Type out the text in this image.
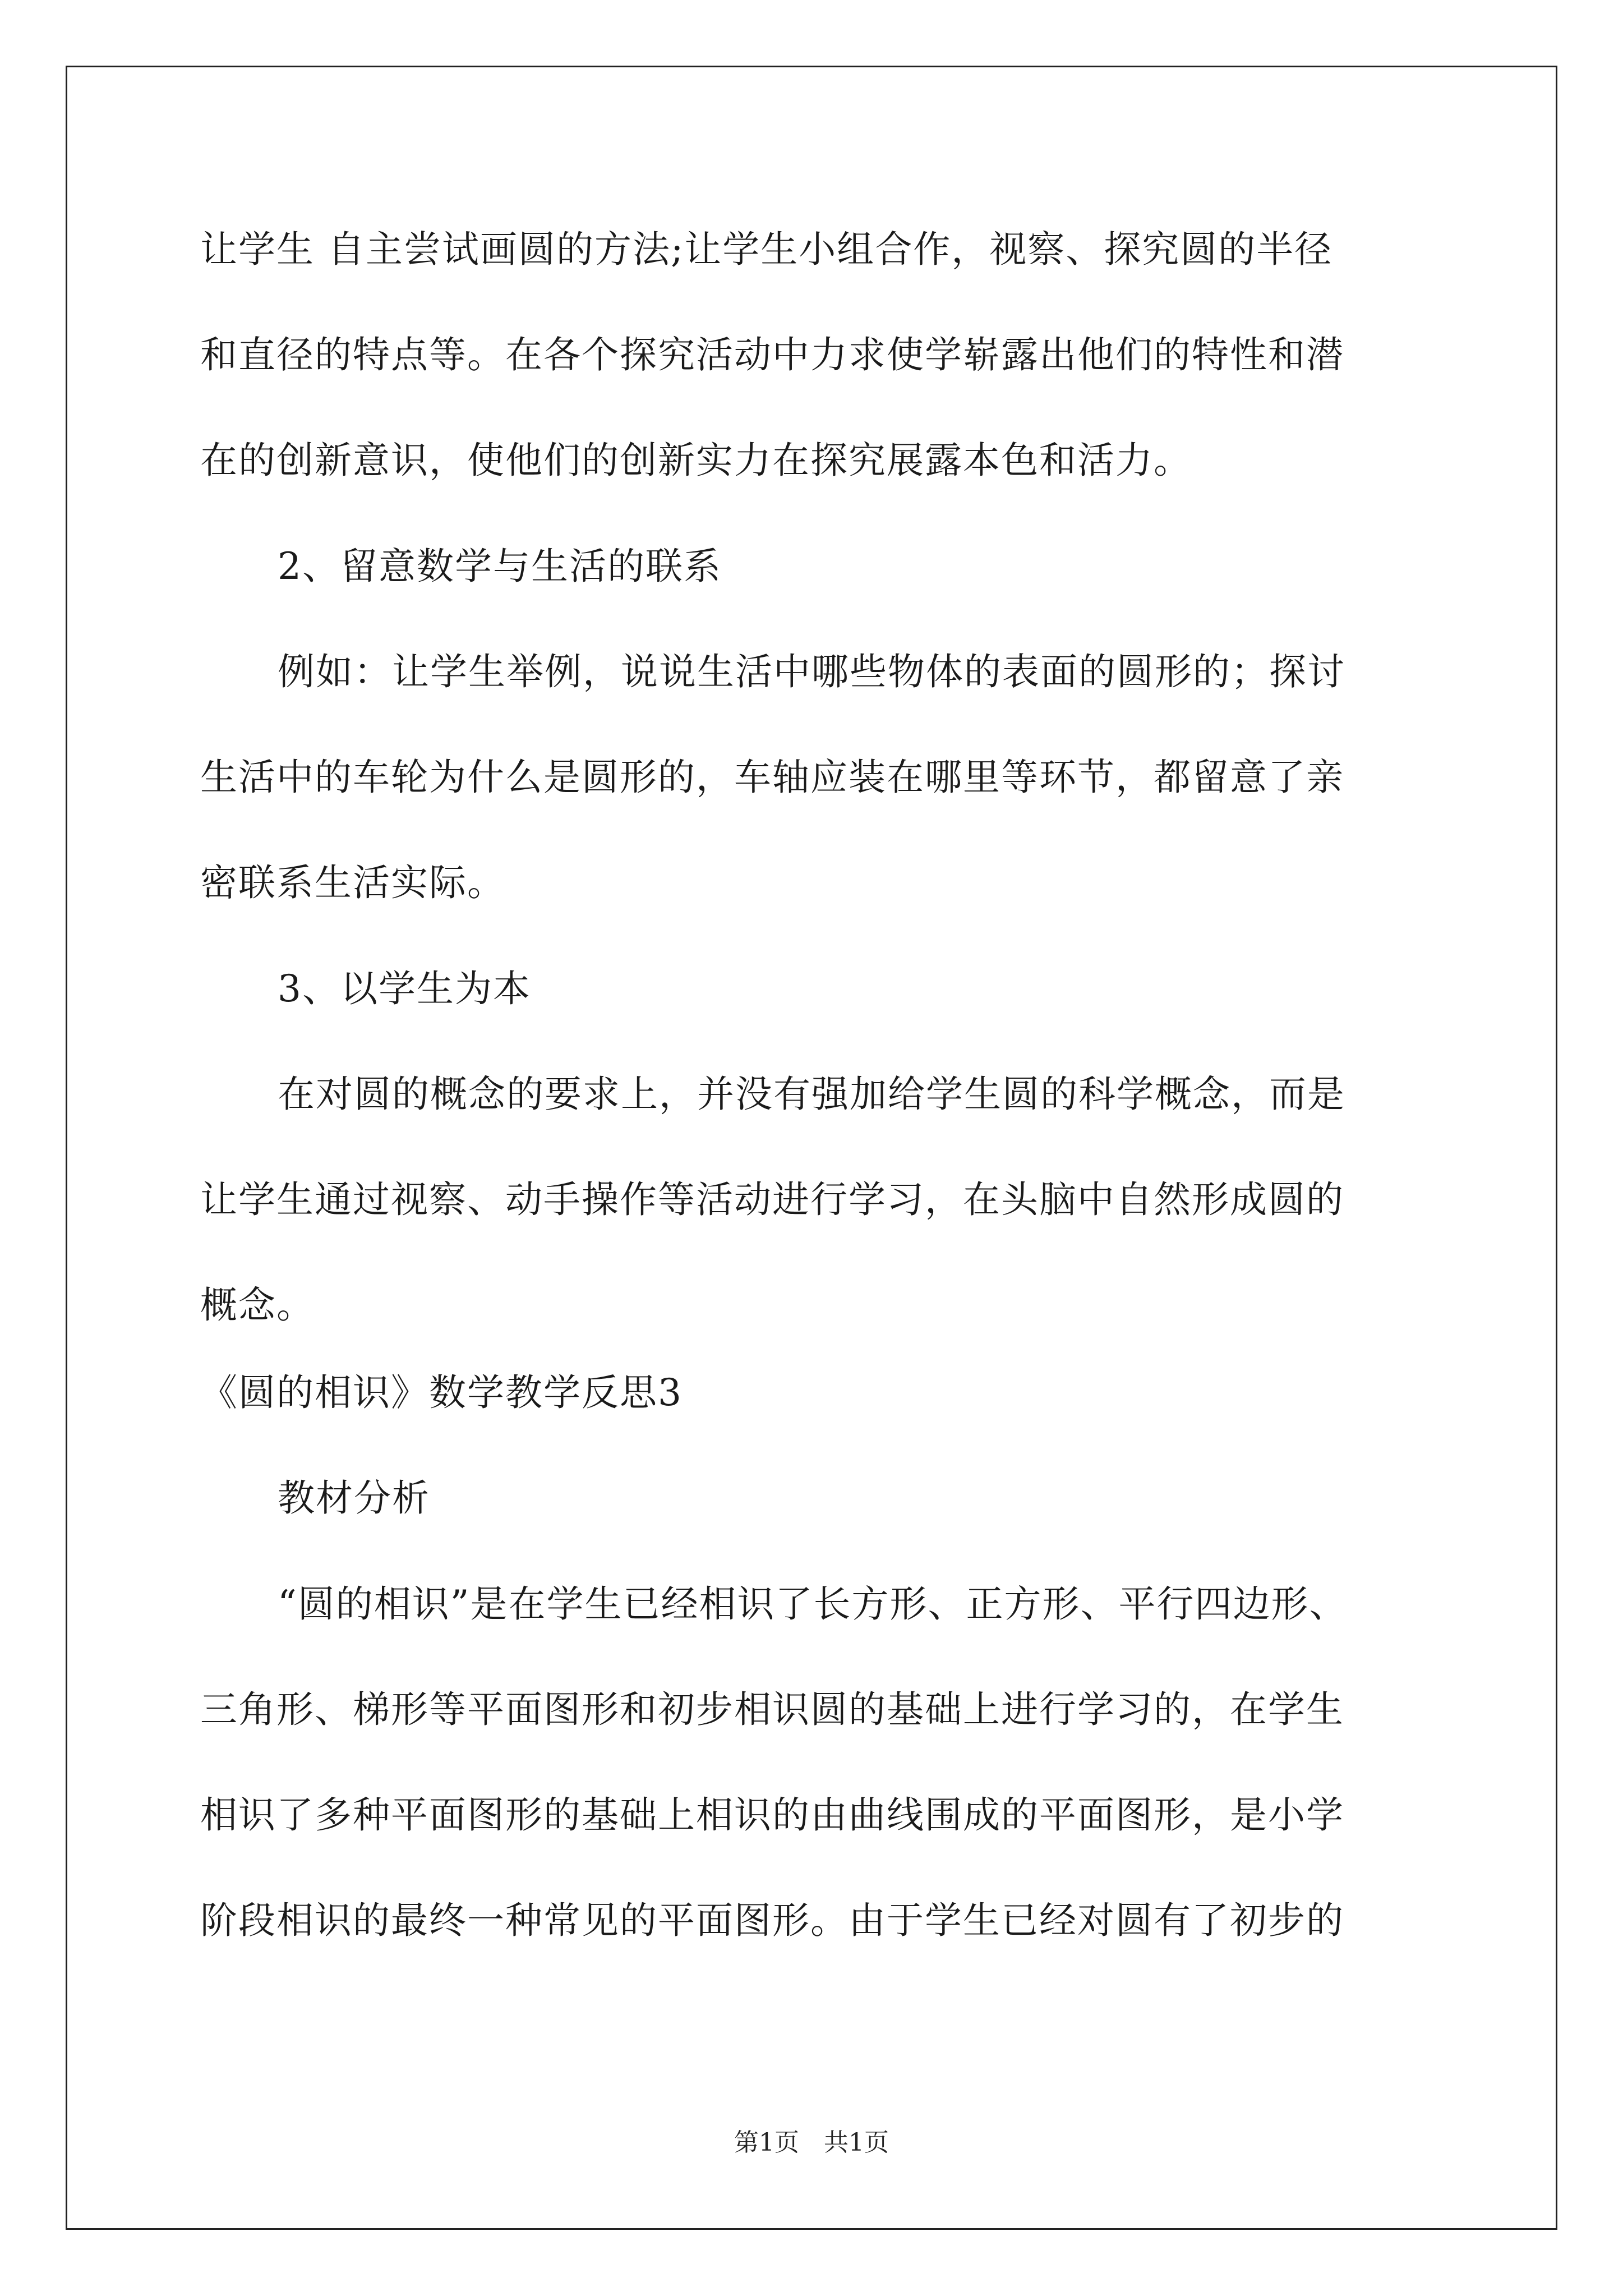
让学生 自主尝试画圆的方法;让学生小组合作，视察、探究圆的半径

和直径的特点等。在各个探究活动中力求使学崭露出他们的特性和潜

在的创新意识，使他们的创新实力在探究展露本色和活力。

2、留意数学与生活的联系

例如：让学生举例，说说生活中哪些物体的表面的圆形的；探讨

生活中的车轮为什么是圆形的，车轴应装在哪里等环节，都留意了亲

密联系生活实际。

3、以学生为本

在对圆的概念的要求上，并没有强加给学生圆的科学概念，而是

让学生通过视察、动手操作等活动进行学习，在头脑中自然形成圆的

概念。

《圆的相识》数学教学反思3

教材分析

“圆的相识”是在学生已经相识了长方形、正方形、平行四边形、

三角形、梯形等平面图形和初步相识圆的基础上进行学习的，在学生

相识了多种平面图形的基础上相识的由曲线围成的平面图形，是小学

阶段相识的最终一种常见的平面图形。由于学生已经对圆有了初步的

第1页　共1页
